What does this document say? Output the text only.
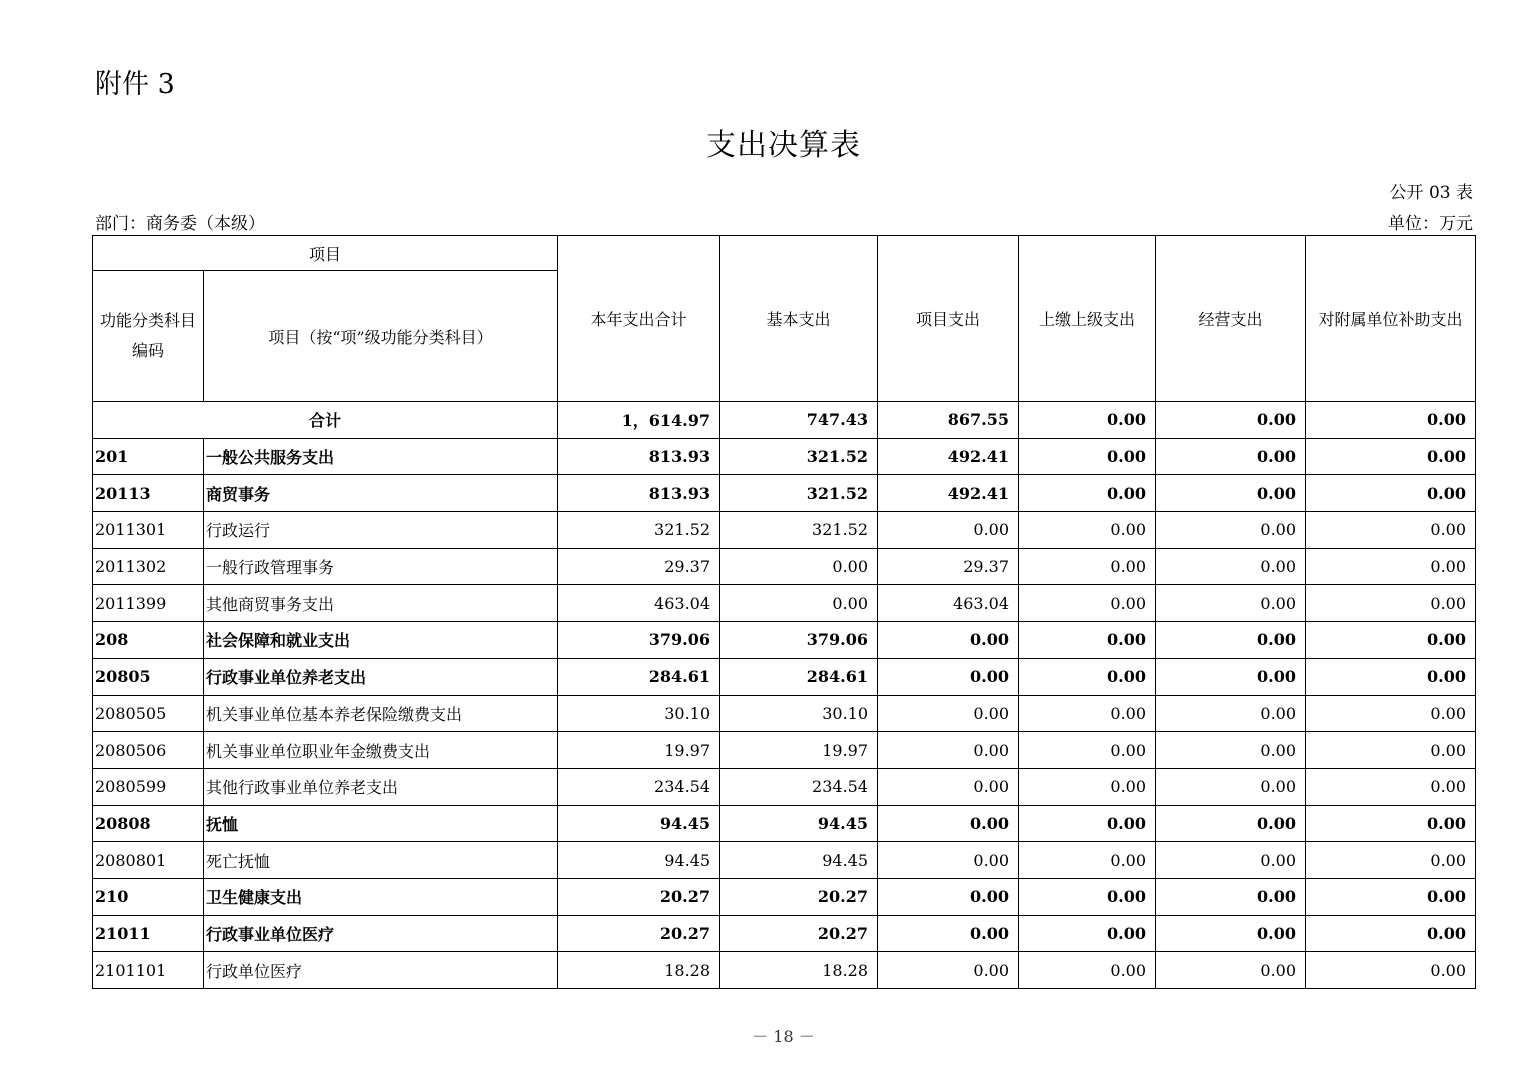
附件 3
支出决算表
公开 03 表
部门：商务委（本级）	单位：万元
项目		本年支出合计	基本支出	项目支出	上缴上级支出	经营支出	对附属单位补助支出
功能分类科目编码	项目（按“项”级功能分类科目）						
合计		1，614.97	747.43	867.55	0.00	0.00	0.00
201	一般公共服务支出	813.93	321.52	492.41	0.00	0.00	0.00
20113	商贸事务	813.93	321.52	492.41	0.00	0.00	0.00
2011301	行政运行	321.52	321.52	0.00	0.00	0.00	0.00
2011302	一般行政管理事务	29.37	0.00	29.37	0.00	0.00	0.00
2011399	其他商贸事务支出	463.04	0.00	463.04	0.00	0.00	0.00
208	社会保障和就业支出	379.06	379.06	0.00	0.00	0.00	0.00
20805	行政事业单位养老支出	284.61	284.61	0.00	0.00	0.00	0.00
2080505	机关事业单位基本养老保险缴费支出	30.10	30.10	0.00	0.00	0.00	0.00
2080506	机关事业单位职业年金缴费支出	19.97	19.97	0.00	0.00	0.00	0.00
2080599	其他行政事业单位养老支出	234.54	234.54	0.00	0.00	0.00	0.00
20808	抚恤	94.45	94.45	0.00	0.00	0.00	0.00
2080801	死亡抚恤	94.45	94.45	0.00	0.00	0.00	0.00
210	卫生健康支出	20.27	20.27	0.00	0.00	0.00	0.00
21011	行政事业单位医疗	20.27	20.27	0.00	0.00	0.00	0.00
2101101	行政单位医疗	18.28	18.28	0.00	0.00	0.00	0.00
－ 18 －
